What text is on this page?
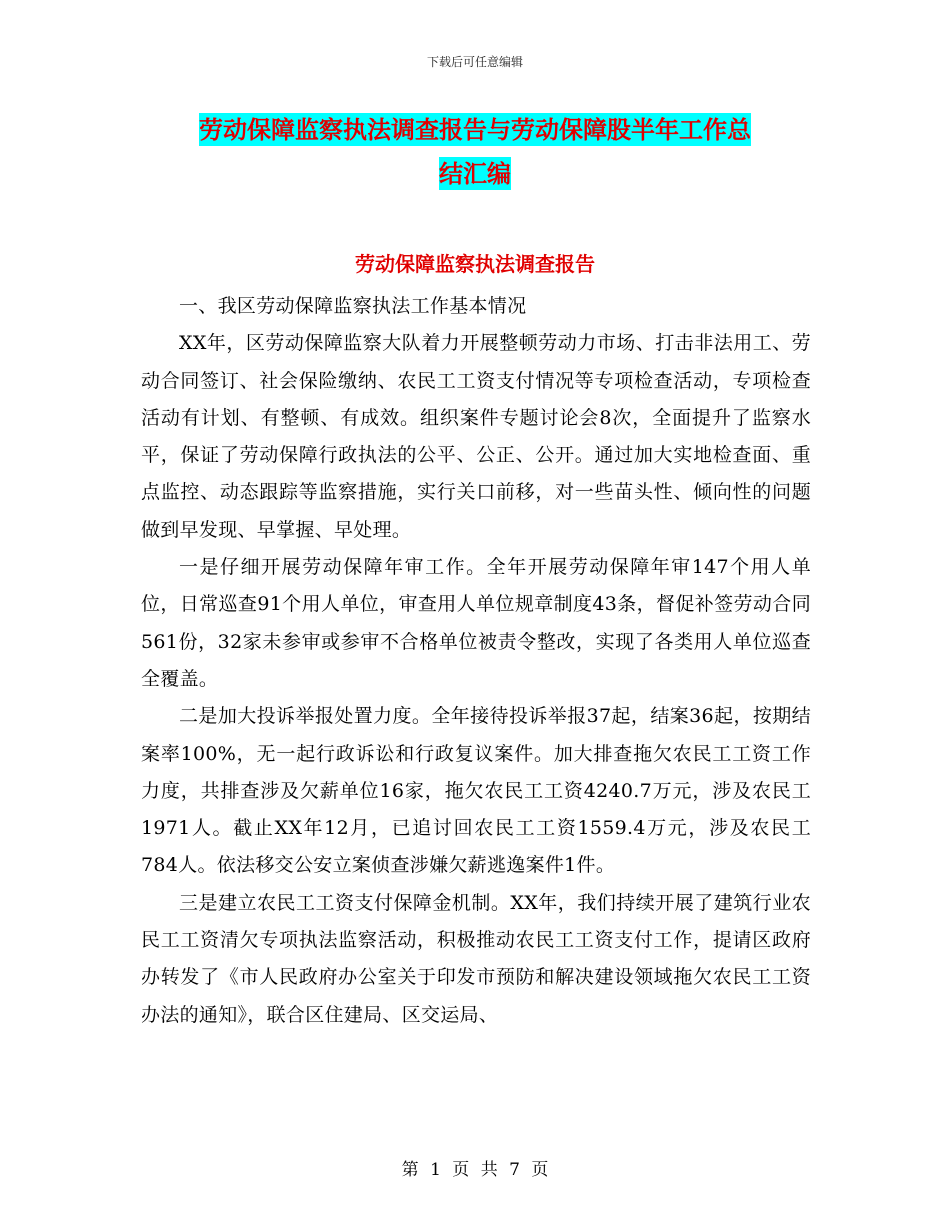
下载后可任意编辑
劳动保障监察执法调查报告与劳动保障股半年工作总
结汇编
劳动保障监察执法调查报告

一、我区劳动保障监察执法工作基本情况

XX年，区劳动保障监察大队着力开展整顿劳动力市场、打击非法用工、劳动合同签订、社会保险缴纳、农民工工资支付情况等专项检查活动，专项检查活动有计划、有整顿、有成效。组织案件专题讨论会8次，全面提升了监察水平，保证了劳动保障行政执法的公平、公正、公开。通过加大实地检查面、重点监控、动态跟踪等监察措施，实行关口前移，对一些苗头性、倾向性的问题做到早发现、早掌握、早处理。

一是仔细开展劳动保障年审工作。全年开展劳动保障年审147个用人单位，日常巡查91个用人单位，审查用人单位规章制度43条，督促补签劳动合同561份，32家未参审或参审不合格单位被责令整改，实现了各类用人单位巡查全覆盖。

二是加大投诉举报处置力度。全年接待投诉举报37起，结案36起，按期结案率100%，无一起行政诉讼和行政复议案件。加大排查拖欠农民工工资工作力度，共排查涉及欠薪单位16家，拖欠农民工工资4240.7万元，涉及农民工1971人。截止XX年12月，已追讨回农民工工资1559.4万元，涉及农民工784人。依法移交公安立案侦查涉嫌欠薪逃逸案件1件。

三是建立农民工工资支付保障金机制。XX年，我们持续开展了建筑行业农民工工资清欠专项执法监察活动，积极推动农民工工资支付工作，提请区政府办转发了《市人民政府办公室关于印发市预防和解决建设领域拖欠农民工工资办法的通知》，联合区住建局、区交运局、

第 1 页 共 7 页
